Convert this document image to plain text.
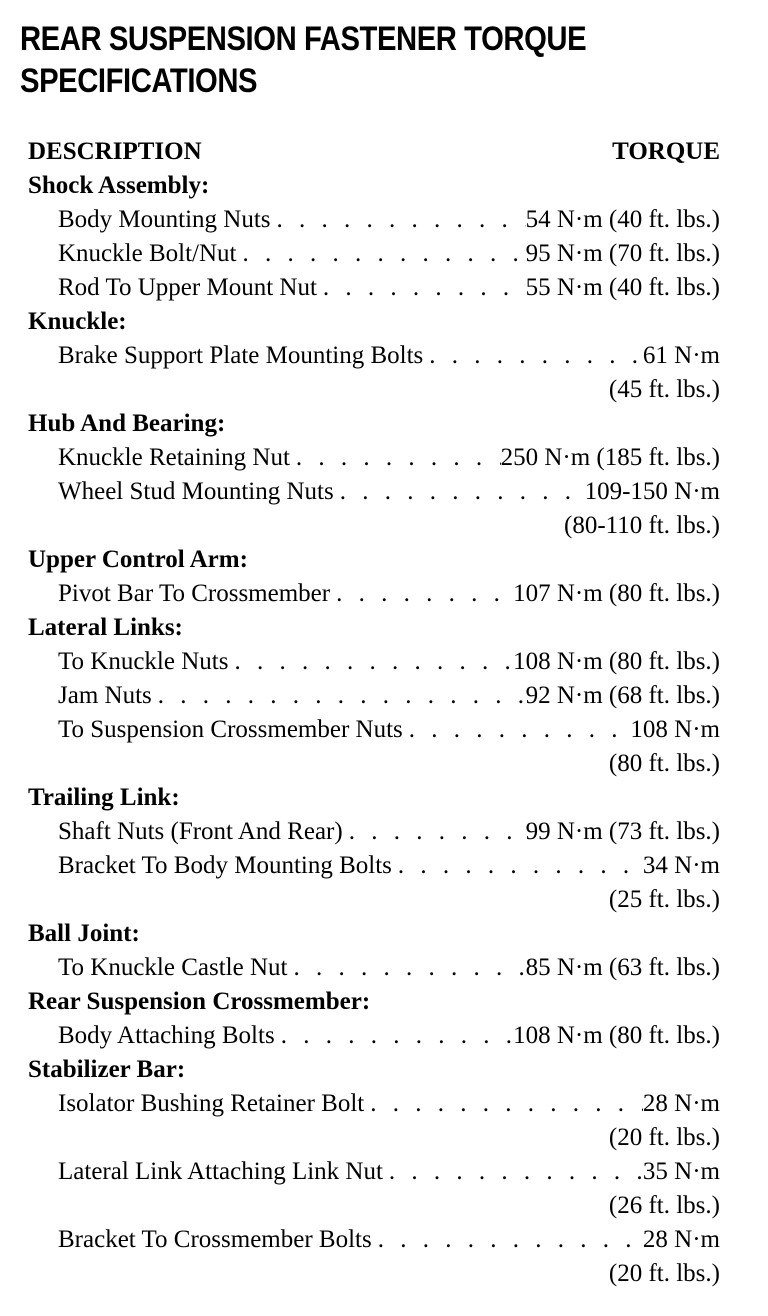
REAR SUSPENSION FASTENER TORQUE
SPECIFICATIONS
DESCRIPTION	TORQUE
Shock Assembly:
Body Mounting Nuts . . .	54 N·m (40 ft. lbs.)
Knuckle Bolt/Nut . . .	95 N·m (70 ft. lbs.)
Rod To Upper Mount Nut . . .	55 N·m (40 ft. lbs.)
Knuckle:
Brake Support Plate Mounting Bolts . . .	61 N·m
(45 ft. lbs.)
Hub And Bearing:
Knuckle Retaining Nut . . .	250 N·m (185 ft. lbs.)
Wheel Stud Mounting Nuts . . .	109-150 N·m
(80-110 ft. lbs.)
Upper Control Arm:
Pivot Bar To Crossmember . . .	107 N·m (80 ft. lbs.)
Lateral Links:
To Knuckle Nuts . . .	108 N·m (80 ft. lbs.)
Jam Nuts . . .	92 N·m (68 ft. lbs.)
To Suspension Crossmember Nuts . . .	108 N·m
(80 ft. lbs.)
Trailing Link:
Shaft Nuts (Front And Rear) . . .	99 N·m (73 ft. lbs.)
Bracket To Body Mounting Bolts . . .	34 N·m
(25 ft. lbs.)
Ball Joint:
To Knuckle Castle Nut . . .	85 N·m (63 ft. lbs.)
Rear Suspension Crossmember:
Body Attaching Bolts . . .	108 N·m (80 ft. lbs.)
Stabilizer Bar:
Isolator Bushing Retainer Bolt . . .	28 N·m
(20 ft. lbs.)
Lateral Link Attaching Link Nut . . .	35 N·m
(26 ft. lbs.)
Bracket To Crossmember Bolts . . .	28 N·m
(20 ft. lbs.)
